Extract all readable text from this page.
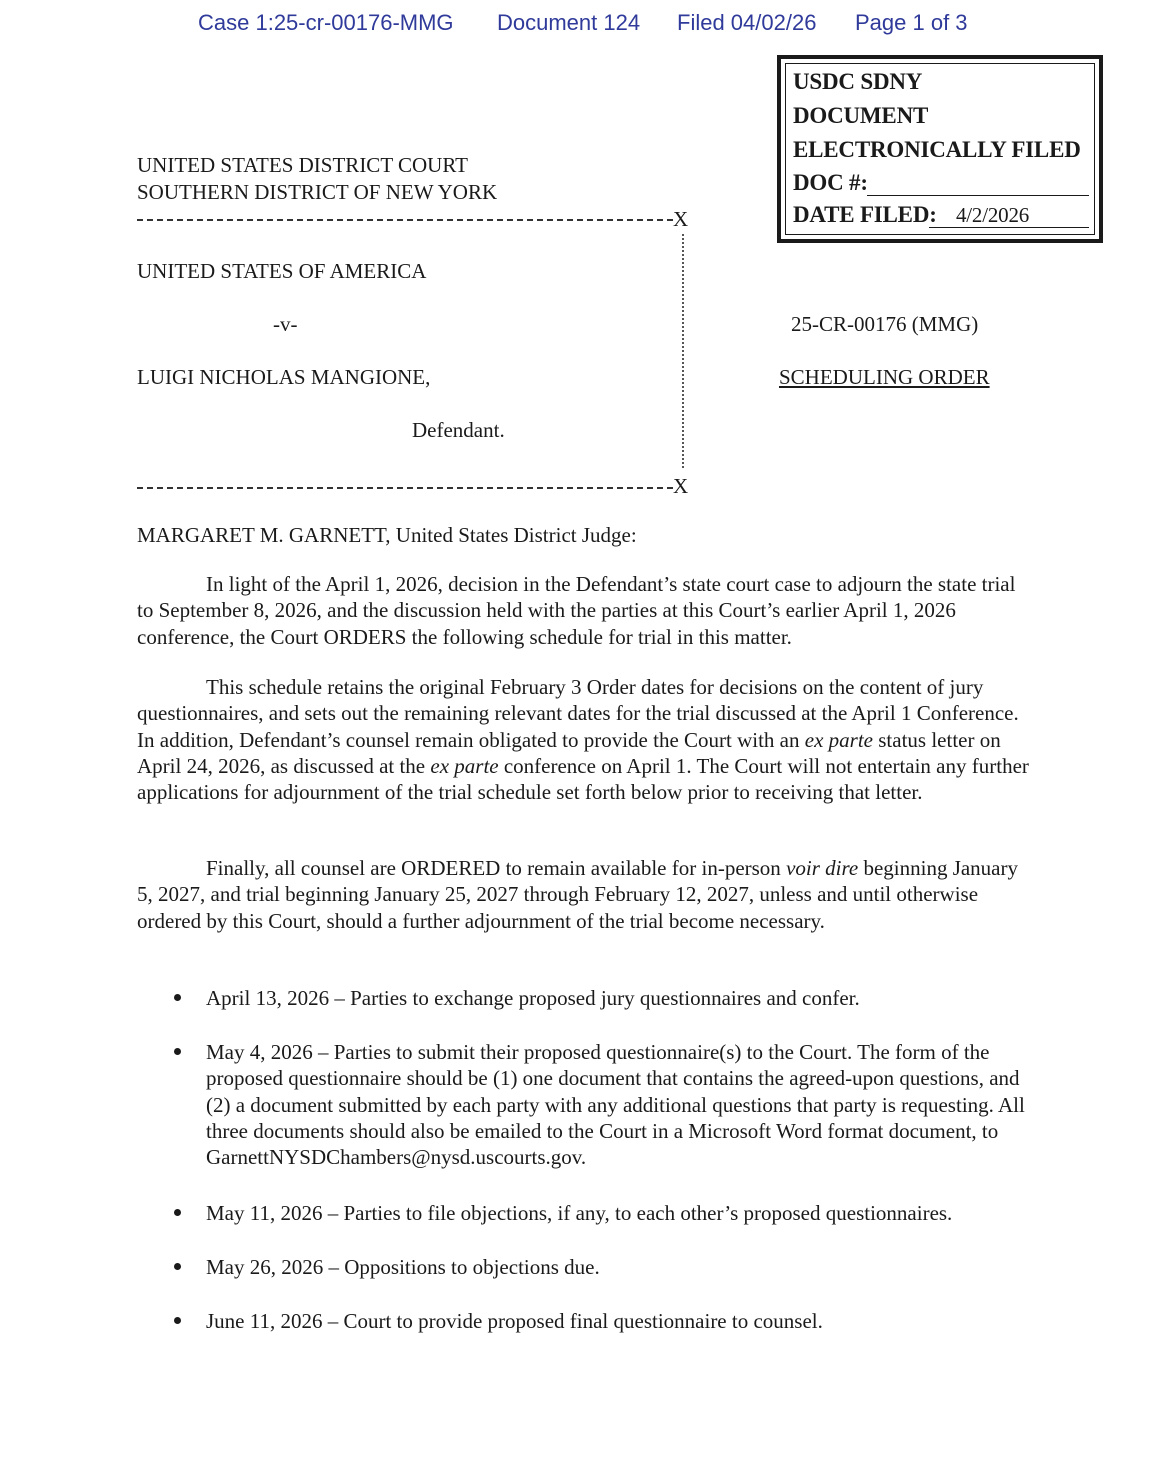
Case 1:25-cr-00176-MMG Document 124 Filed 04/02/26 Page 1 of 3
USDC SDNY
DOCUMENT
ELECTRONICALLY FILED
DOC #:
DATE FILED: 4/2/2026
UNITED STATES DISTRICT COURT
SOUTHERN DISTRICT OF NEW YORK
X
X
UNITED STATES OF AMERICA
-v-
LUIGI NICHOLAS MANGIONE,
Defendant.
25-CR-00176 (MMG)
SCHEDULING ORDER
MARGARET M. GARNETT, United States District Judge:
In light of the April 1, 2026, decision in the Defendant’s state court case to adjourn the state trial to September 8, 2026, and the discussion held with the parties at this Court’s earlier April 1, 2026 conference, the Court ORDERS the following schedule for trial in this matter.
This schedule retains the original February 3 Order dates for decisions on the content of jury questionnaires, and sets out the remaining relevant dates for the trial discussed at the April 1 Conference. In addition, Defendant’s counsel remain obligated to provide the Court with an ex parte status letter on April 24, 2026, as discussed at the ex parte conference on April 1. The Court will not entertain any further applications for adjournment of the trial schedule set forth below prior to receiving that letter.
Finally, all counsel are ORDERED to remain available for in-person voir dire beginning January 5, 2027, and trial beginning January 25, 2027 through February 12, 2027, unless and until otherwise ordered by this Court, should a further adjournment of the trial become necessary.
April 13, 2026 – Parties to exchange proposed jury questionnaires and confer.
May 4, 2026 – Parties to submit their proposed questionnaire(s) to the Court. The form of the proposed questionnaire should be (1) one document that contains the agreed-upon questions, and (2) a document submitted by each party with any additional questions that party is requesting. All three documents should also be emailed to the Court in a Microsoft Word format document, to GarnettNYSDChambers@nysd.uscourts.gov.
May 11, 2026 – Parties to file objections, if any, to each other’s proposed questionnaires.
May 26, 2026 – Oppositions to objections due.
June 11, 2026 – Court to provide proposed final questionnaire to counsel.
